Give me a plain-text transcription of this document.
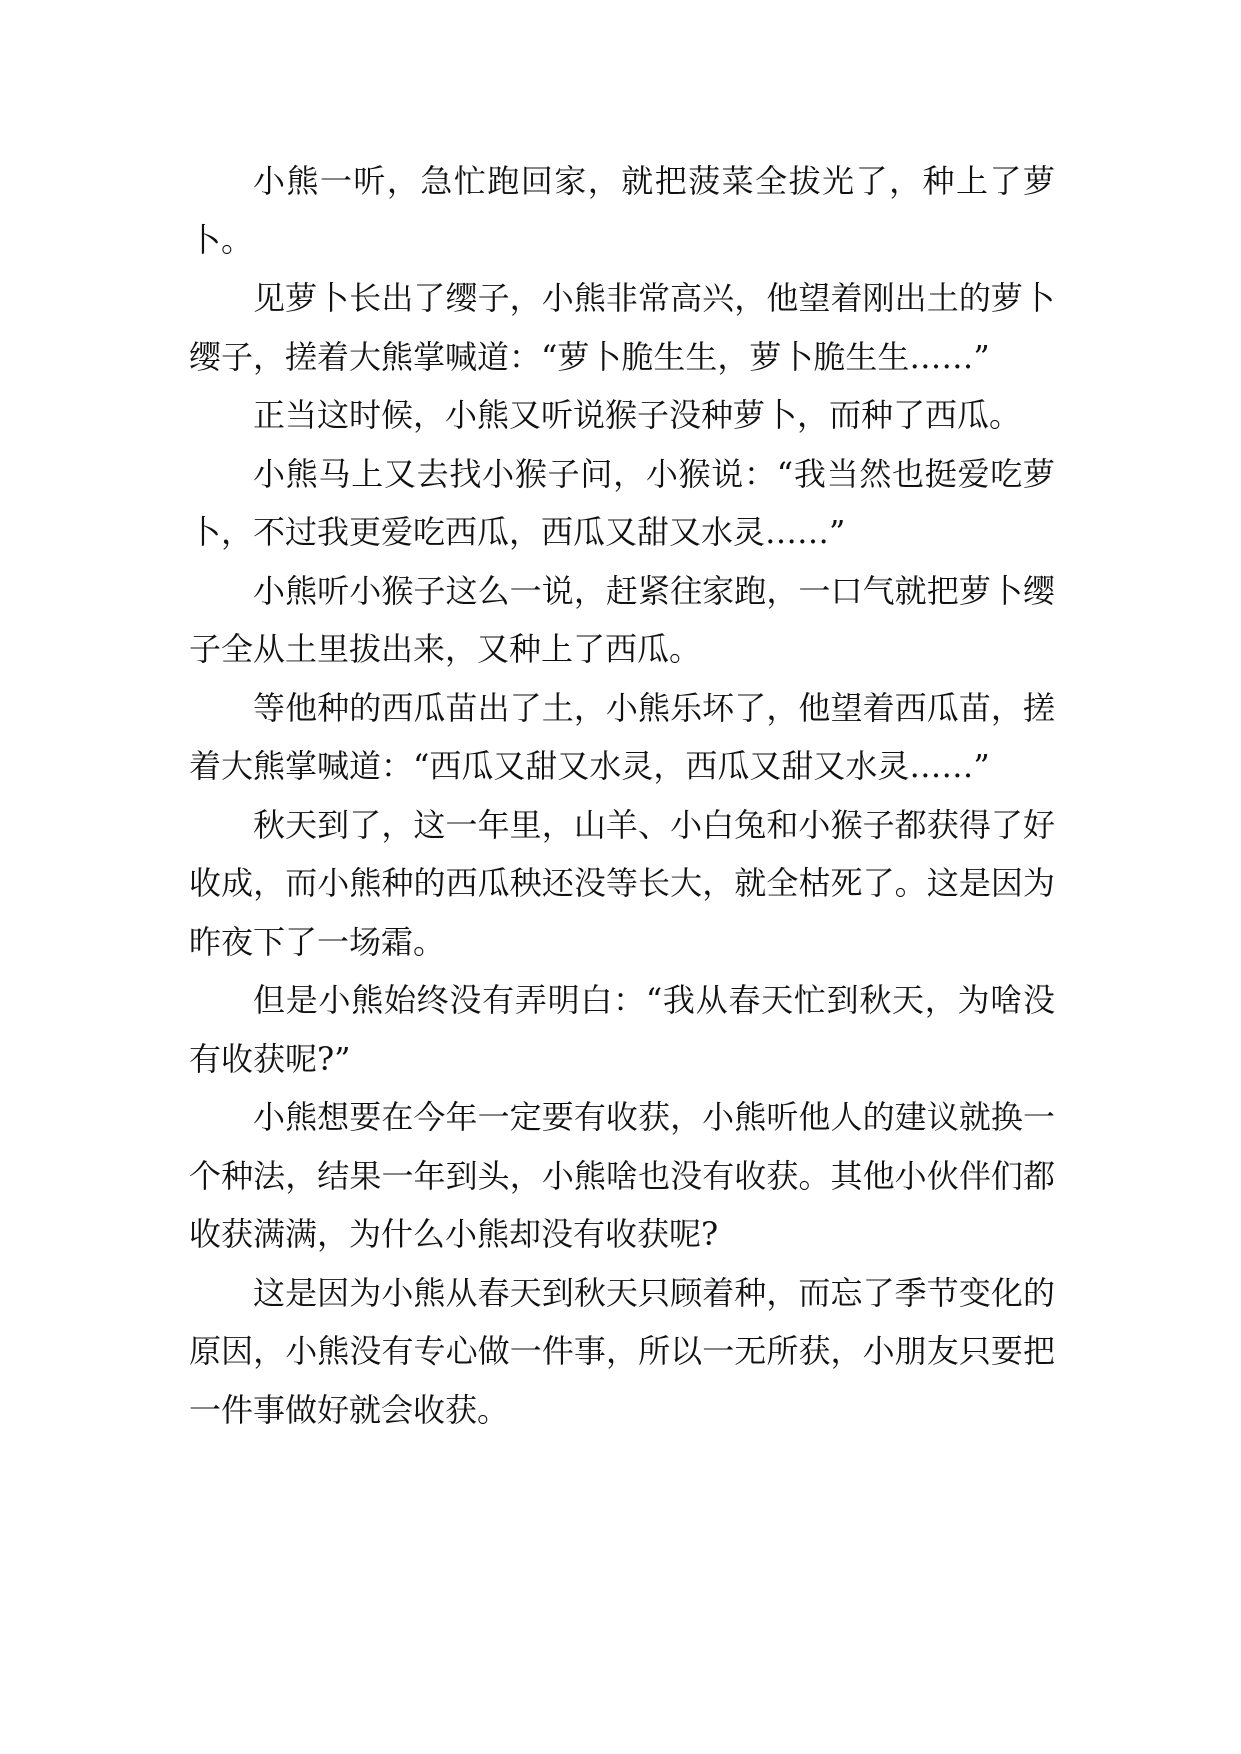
小熊一听，急忙跑回家，就把菠菜全拔光了，种上了萝卜。

见萝卜长出了缨子，小熊非常高兴，他望着刚出土的萝卜缨子，搓着大熊掌喊道：“萝卜脆生生，萝卜脆生生……”

正当这时候，小熊又听说猴子没种萝卜，而种了西瓜。

小熊马上又去找小猴子问，小猴说：“我当然也挺爱吃萝卜，不过我更爱吃西瓜，西瓜又甜又水灵……”

小熊听小猴子这么一说，赶紧往家跑，一口气就把萝卜缨子全从土里拔出来，又种上了西瓜。

等他种的西瓜苗出了土，小熊乐坏了，他望着西瓜苗，搓着大熊掌喊道：“西瓜又甜又水灵，西瓜又甜又水灵……”

秋天到了，这一年里，山羊、小白兔和小猴子都获得了好收成，而小熊种的西瓜秧还没等长大，就全枯死了。这是因为昨夜下了一场霜。

但是小熊始终没有弄明白：“我从春天忙到秋天，为啥没有收获呢?”

小熊想要在今年一定要有收获，小熊听他人的建议就换一个种法，结果一年到头，小熊啥也没有收获。其他小伙伴们都收获满满，为什么小熊却没有收获呢?

这是因为小熊从春天到秋天只顾着种，而忘了季节变化的原因，小熊没有专心做一件事，所以一无所获，小朋友只要把一件事做好就会收获。
